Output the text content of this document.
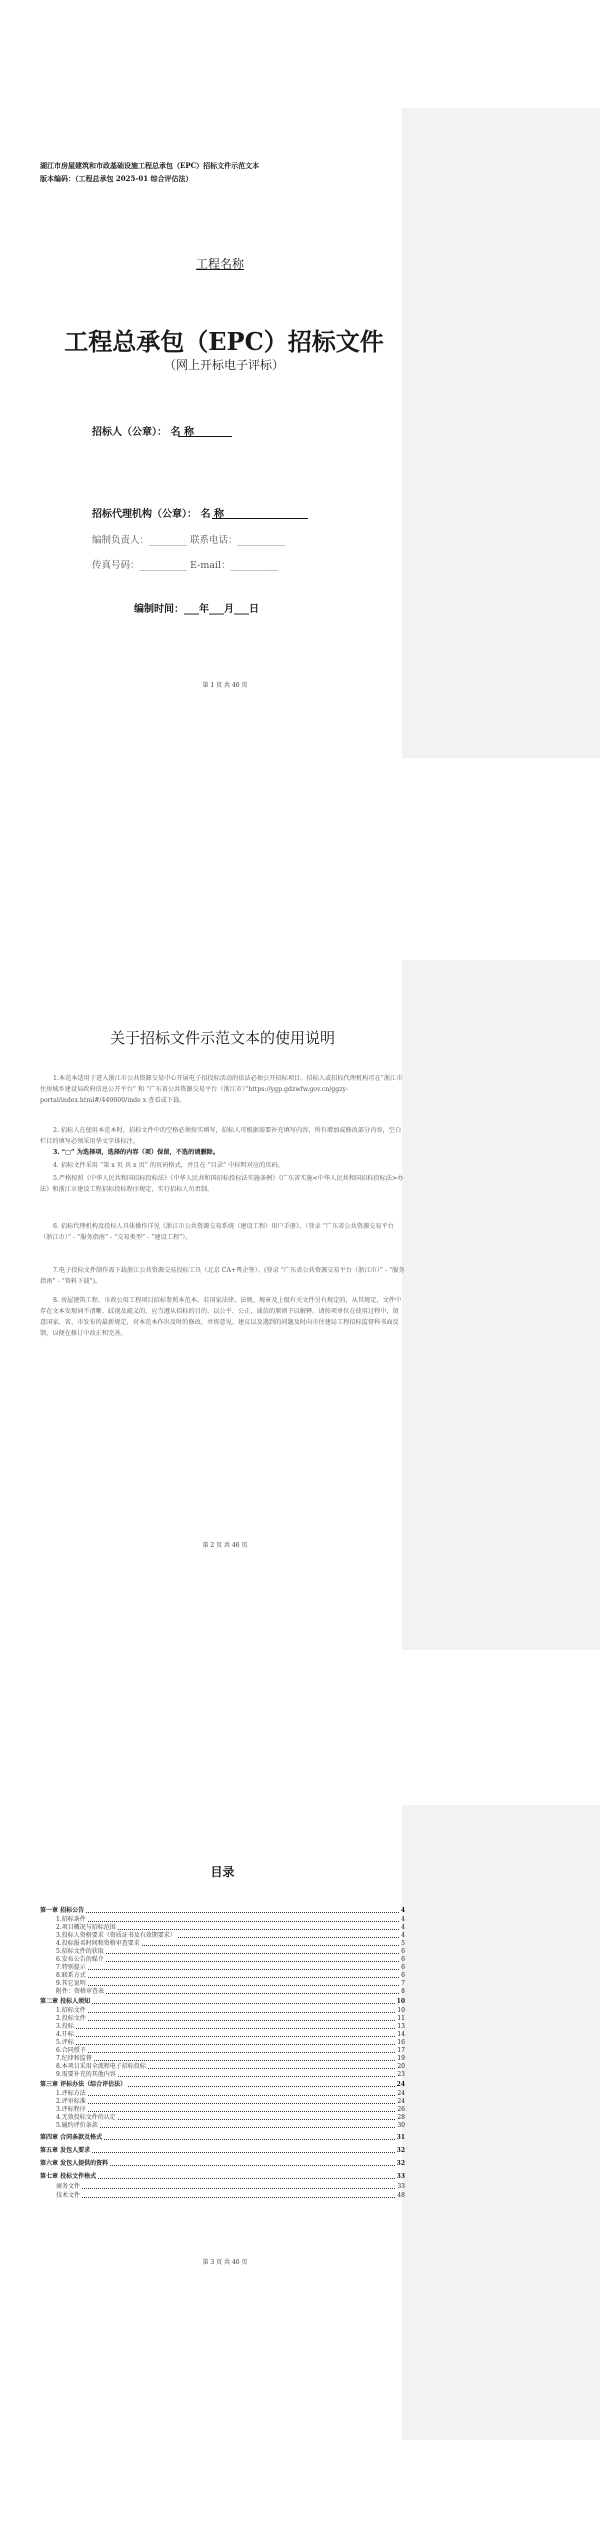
湖江市房屋建筑和市政基础设施工程总承包（EPC）招标文件示范文本
版本编码：（工程总承包 2025-01 综合评估法）
工程名称
工程总承包（EPC）招标文件
（网上开标电子评标）
招标人（公章）： 名 称
招标代理机构（公章）： 名 称
编制负责人：________ 联系电话：__________
传真号码：__________ E-mail：__________
编制时间：___年___月___日
第 1 页 共 46 页
关于招标文件示范文本的使用说明
1.本范本适用于进入浙江市公共资源交易中心开展电子招投标活动的依法必须公开招标项目。招标人或招标代理机构可在“浙江市住房城乡建设局政府信息公开平台” 和 “广东省公共资源交易平台（浙江市）”https://ygp.gdzwfw.gov.cn/ggzy-portal/index.html#/440600/inde x 查看或下载。
2. 招标人在使用本范本时，招标文件中的空格必须按实填写，招标人可根据需要补充填写内容，所有增加或修改部分内容，空白栏目的填写必须采用华文字体标注。
3. “□” 为选择项，选择的内容（项）保留，不选的请删除。
4. 招标文件采用 “第 x 页 共 x 页” 的页码格式，并且在 “目录” 中标明对应的页码。
5.严格按照《中华人民共和国招标投标法》《中华人民共和国招标投标法实施条例》《广东省实施<中华人民共和国招标投标法>办法》和浙江市建设工程招标投标程序规定，实行招标人负责制。
6. 招标代理机构及投标人具体操作详见《浙江市公共资源交易系统（建设工程）用户手册》。（登录 “广东省公共资源交易平台（浙江市）” - “服务指南” - “交易类型” - “建设工程”）。
7.电子投标文件制作需下载浙江公共资源交易投标工具（北京 CA+粤企签）。(登录 “广东省公共资源交易平台（浙江市）” - “服务指南” - “资料下载”)。
8. 房屋建筑工程、市政公用工程项目招标参照本范本。若国家法律、法规、规章及上级有关文件另有规定的，从其规定，文件中存在文本发现词不清晰、歧视及疏义的，应当遵从招标的目的、以公平、公正、诚信的原则予以解释。请按项单位在使用过程中，留意国家、省、市发布的最新规定，对本范本作出及时的修改，并将意见、建议以及遇到的问题及时向市住建局工程招标监督科书面反馈，以便在修订中改正和完善。
第 2 页 共 46 页
目录
第一章 招标公告	4
1.招标条件	4
2.项目概况与招标范围	4
3.投标人资格要求（资质证书及有效期要求）	4
4.投标报名时间和资格审查要求	5
5.招标文件的获取	6
6.发布公告的媒介	6
7.特别提示	6
8.联系方式	6
9.其它说明	7
附件：资格审查表	8
第二章 投标人须知	10
1.招标文件	10
2.投标文件	11
3.投标	13
4.开标	14
5.评标	16
6.合同授予	17
7.纪律和监督	19
8.本项目采用全流程电子招标投标	20
9.需要补充的其他内容	23
第三章 评标办法（综合评估法）	24
1.评标方法	24
2.评审标准	24
3.评标程序	26
4.无效投标文件的认定	28
5.履约评价条款	30
第四章 合同条款及格式	31
第五章 发包人要求	32
第六章 发包人提供的资料	32
第七章 投标文件格式	33
商务文件	33
技术文件	48
第 3 页 共 46 页
